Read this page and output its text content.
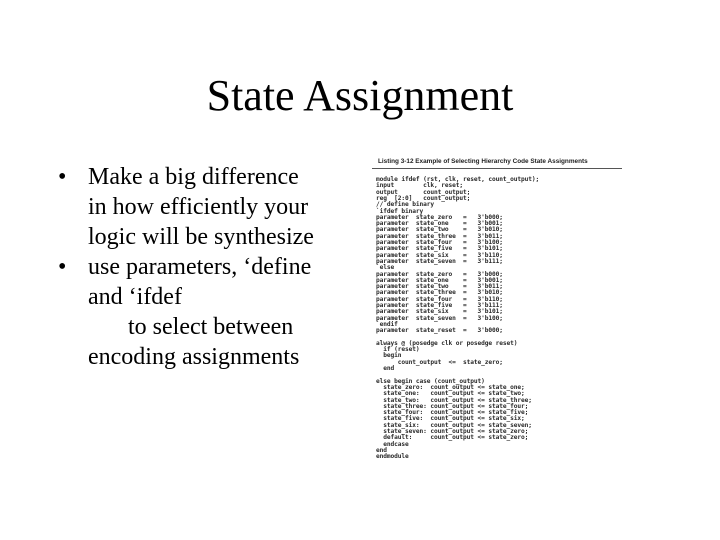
State Assignment
• Make a big difference
in how efficiently your
logic will be synthesize
• use parameters, ‘define
and ‘ifdef
to select between
encoding assignments
Listing 3-12 Example of Selecting Hierarchy Code State Assignments
module ifdef (rst, clk, reset, count_output);
input        clk, reset;
output       count_output;
reg  [2:0]   count_output;
//`define binary
`ifdef binary
parameter  state_zero   =   3'b000;
parameter  state_one    =   3'b001;
parameter  state_two    =   3'b010;
parameter  state_three  =   3'b011;
parameter  state_four   =   3'b100;
parameter  state_five   =   3'b101;
parameter  state_six    =   3'b110;
parameter  state_seven  =   3'b111;
`else
parameter  state_zero   =   3'b000;
parameter  state_one    =   3'b001;
parameter  state_two    =   3'b011;
parameter  state_three  =   3'b010;
parameter  state_four   =   3'b110;
parameter  state_five   =   3'b111;
parameter  state_six    =   3'b101;
parameter  state_seven  =   3'b100;
`endif
parameter  state_reset  =   3'b000;
always @ (posedge clk or posedge reset)
if (reset)
begin
count_output  <=  state_zero;
end
else begin case (count_output)
state_zero:  count_output <= state_one;
state_one:   count_output <= state_two;
state_two:   count_output <= state_three;
state_three: count_output <= state_four;
state_four:  count_output <= state_five;
state_five:  count_output <= state_six;
state_six:   count_output <= state_seven;
state_seven: count_output <= state_zero;
default:     count_output <= state_zero;
endcase
end
endmodule
